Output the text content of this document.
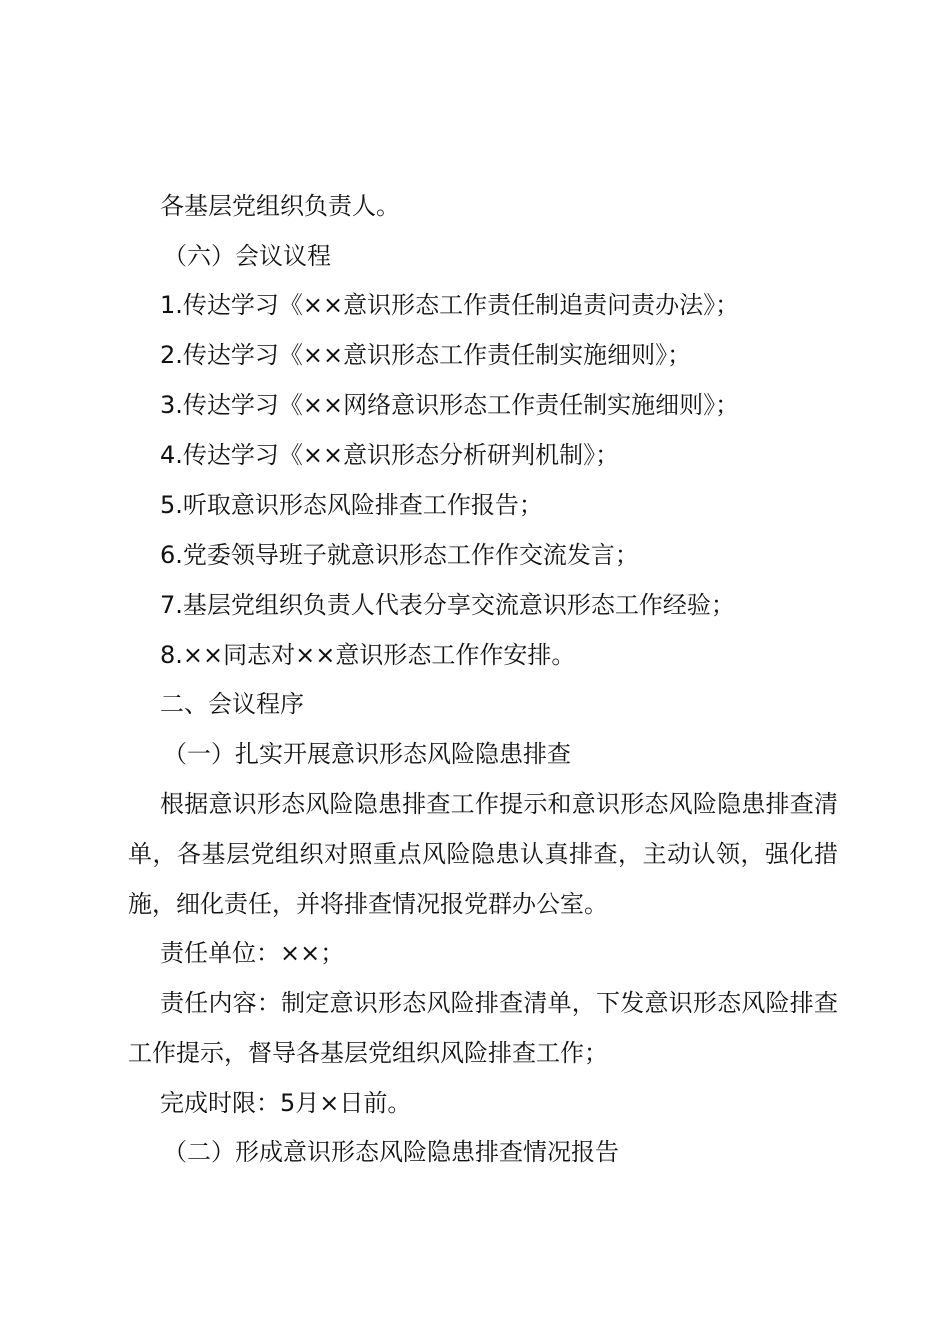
各基层党组织负责人。
（六）会议议程
1.传达学习《××意识形态工作责任制追责问责办法》；
2.传达学习《××意识形态工作责任制实施细则》；
3.传达学习《××网络意识形态工作责任制实施细则》；
4.传达学习《××意识形态分析研判机制》；
5.听取意识形态风险排查工作报告；
6.党委领导班子就意识形态工作作交流发言；
7.基层党组织负责人代表分享交流意识形态工作经验；
8.××同志对××意识形态工作作安排。
二、会议程序
（一）扎实开展意识形态风险隐患排查
根据意识形态风险隐患排查工作提示和意识形态风险隐患排查清
单，各基层党组织对照重点风险隐患认真排查，主动认领，强化措
施，细化责任，并将排查情况报党群办公室。
责任单位：××；
责任内容：制定意识形态风险排查清单，下发意识形态风险排查
工作提示，督导各基层党组织风险排查工作；
完成时限：5月×日前。
（二）形成意识形态风险隐患排查情况报告
